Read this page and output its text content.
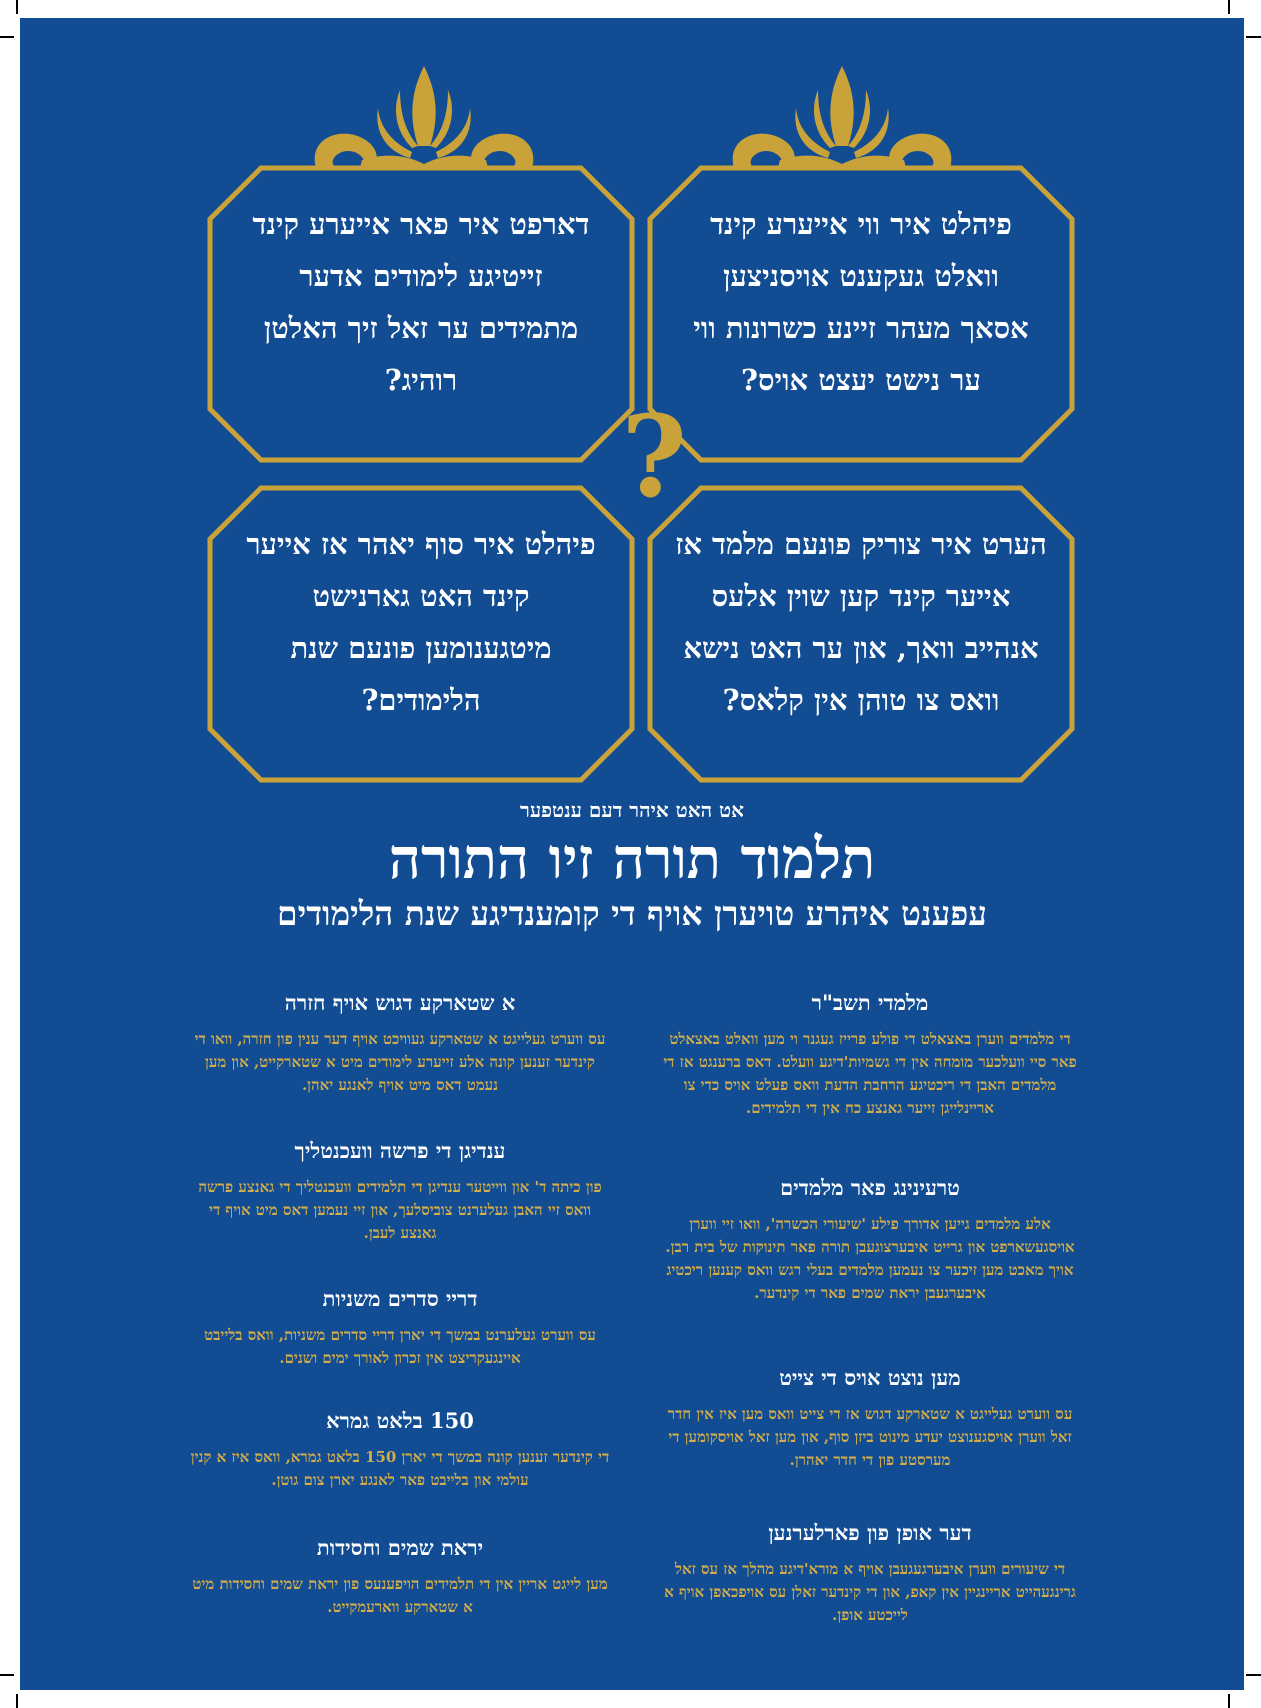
דארפט איר פאר אייערע קינד
זייטיגע לימודים אדער
מתמידים ער זאל זיך האלטן
רוהיג?
פיהלט איר ווי אייערע קינד
וואלט געקענט אויסניצען
אסאך מעהר זיינע כשרונות ווי
ער נישט יעצט אויס?
פיהלט איר סוף יאהר אז אייער
קינד האט גארנישט
מיטגענומען פונעם שנת
הלימודים?
הערט איר צוריק פונעם מלמד אז
אייער קינד קען שוין אלעס
אנהייב וואך, און ער האט נישא
וואס צו טוהן אין קלאס?
?
אט האט איהר דעם ענטפער
תלמוד תורה זיו התורה
עפענט איהרע טויערן אויף די קומענדיגע שנת הלימודים
מלמדי תשב"ר

די מלמדים ווערן באצאלט די פולע פרייז געגנר וי מען וואלט באצאלט פאר סיי וועלכער מומחה אין די גשמיות'דיגע וועלט. דאס ברענגט אז די מלמדים האבן די ריכטיגע הרחבת הדעת וואס פעלט אויס כדי צו אריינלייגן זייער גאנצע כח אין די תלמידים.

טרעינינג פאר מלמדים

אלע מלמדים גייען אדורך פילע 'שיעורי הכשרה', וואו זיי ווערן אויסגעשארפט און גרייט איבערצוגעבן תורה פאר תינוקות של בית רבן. אויך מאכט מען זיכער צו נעמען מלמדים בעלי רגש וואס קענען ריכטיג איבערגעבן יראת שמים פאר די קינדער.

מען נוצט אויס די צייט

עס ווערט געלייגט א שטארקע דגוש אז די צייט וואס מען איז אין חדר זאל ווערן אויסגענוצט יעדע מינוט ביזן סוף, און מען זאל אויסקומען די מערסטע פון די חדר יאהרן.

דער אופן פון פארלערנען

די שיעורים ווערן איבערגעגעבן אויף א מורא'דיגע מהלך אז עס זאל גרינגעהייט אריינגיין אין קאפ, און די קינדער זאלן עס אויפכאפן אויף א לייכטע אופן.

א שטארקע דגוש אויף חזרה

עס ווערט געלייגט א שטארקע געוויכט אויף דער ענין פון חזרה, וואו די קינדער זענען קונה אלע זייערע לימודים מיט א שטארקייט, און מען נעמט דאס מיט אויף לאנגע יאהן.

ענדיגן די פרשה וועכנטליך

פון כיתה ד' און ווייטער ענדיגן די תלמידים וועכנטליך די גאנצע פרשה וואס זיי האבן געלערנט צוביסלעך, און זיי נעמען דאס מיט אויף די גאנצע לעבן.

דריי סדרים משניות

עס ווערט געלערנט במשך די יארן דריי סדרים משניות, וואס בלייבט איינגעקריצט אין זכרון לאורך ימים ושנים.

150 בלאט גמרא

די קינדער זענען קונה במשך די יארן 150 בלאט גמרא, וואס איז א קנין עולמי און בלייבט פאר לאנגע יארן צום גוטן.

יראת שמים וחסידות

מען לייגט אריין אין די תלמידים הויפענעס פון יראת שמים וחסידות מיט א שטארקע ווארעמקייט.
